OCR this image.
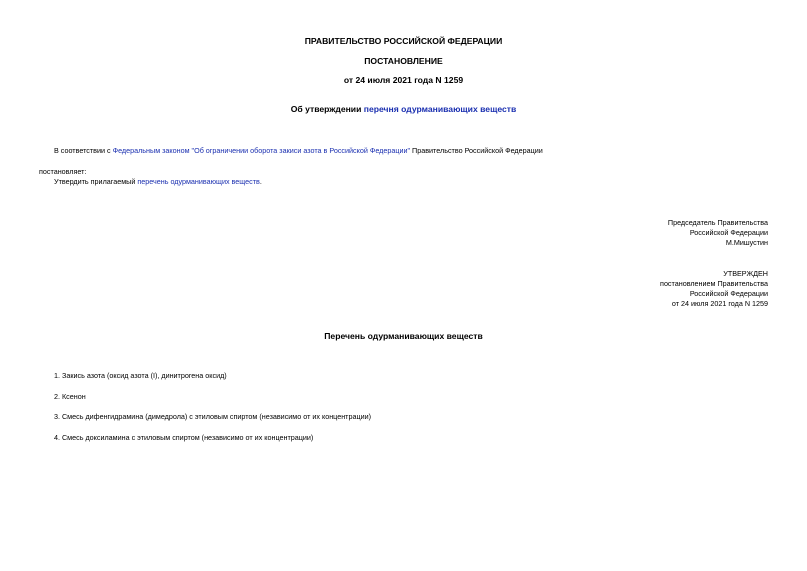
ПРАВИТЕЛЬСТВО РОССИЙСКОЙ ФЕДЕРАЦИИ
ПОСТАНОВЛЕНИЕ
от 24 июля 2021 года N 1259
Об утверждении перечня одурманивающих веществ
В соответствии с Федеральным законом "Об ограничении оборота закиси азота в Российской Федерации" Правительство Российской Федерации
постановляет:
Утвердить прилагаемый перечень одурманивающих веществ.
Председатель Правительства
Российской Федерации
М.Мишустин
УТВЕРЖДЕН
постановлением Правительства
Российской Федерации
от 24 июля 2021 года N 1259
Перечень одурманивающих веществ
1. Закись азота (оксид азота (I), динитрогена оксид)
2. Ксенон
3. Смесь дифенгидрамина (димедрола) с этиловым спиртом (независимо от их концентрации)
4. Смесь доксиламина с этиловым спиртом (независимо от их концентрации)
